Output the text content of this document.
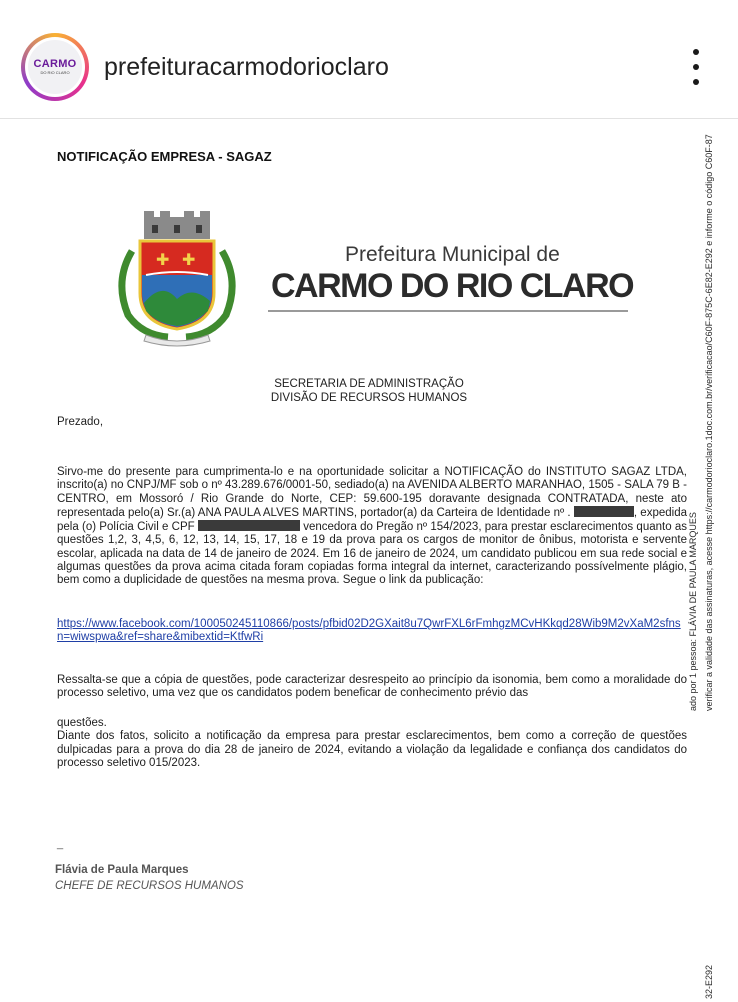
CARMO
DO RIO CLARO prefeituracarmodorioclaro
NOTIFICAÇÃO EMPRESA - SAGAZ
✚ ✚	Prefeitura Municipal de
CARMO DO RIO CLARO
SECRETARIA DE ADMINISTRAÇÃO
DIVISÃO DE RECURSOS HUMANOS

Prezado,

Sirvo-me do presente para cumprimenta-lo e na oportunidade solicitar a NOTIFICAÇÃO do INSTITUTO SAGAZ LTDA, inscrito(a) no CNPJ/MF sob o nº 43.289.676/0001-50, sediado(a) na AVENIDA ALBERTO MARANHAO, 1505 - SALA 79 B - CENTRO, em Mossoró / Rio Grande do Norte, CEP: 59.600-195 doravante designada CONTRATADA, neste ato representada pelo(a) Sr.(a) ANA PAULA ALVES MARTINS, portador(a) da Carteira de Identidade nº .	, expedida pela (o) Polícia Civil e CPF	vencedora do Pregão nº 154/2023, para prestar esclarecimentos quanto as questões 1,2, 3, 4,5, 6, 12, 13, 14, 15, 17, 18 e 19 da prova para os cargos de monitor de ônibus, motorista e servente escolar, aplicada na data de 14 de janeiro de 2024. Em 16 de janeiro de 2024, um candidato publicou em sua rede social e algumas questões da prova acima citada foram copiadas forma integral da internet, caracterizando possívelmente plágio, bem como a duplicidade de questões na mesma prova. Segue o link da publicação:

https://www.facebook.com/100050245110866/posts/pfbid02D2GXait8u7QwrFXL6rFmhgzMCvHKkqd28Wib9M2vXaM2sfnsn=wiwspwa&ref=share&mibextid=KtfwRi

Ressalta-se que a cópia de questões, pode caracterizar desrespeito ao princípio da isonomia, bem como a moralidade do processo seletivo, uma vez que os candidatos podem beneficar de conhecimento prévio das

questões.
Diante dos fatos, solicito a notificação da empresa para prestar esclarecimentos, bem como a correção de questões dulpicadas para a prova do dia 28 de janeiro de 2024, evitando a violação da legalidade e confiança dos candidatos do processo seletivo 015/2023.

_
Flávia de Paula Marques
CHEFE DE RECURSOS HUMANOS
verificar a validade das assinaturas, acesse https://carmodorioclaro.1doc.com.br/verificacao/C60F-875C-6E82-E292 e informe o código C60F-87
ado por 1 pessoa: FLÁVIA DE PAULA MARQUES
32-E292
